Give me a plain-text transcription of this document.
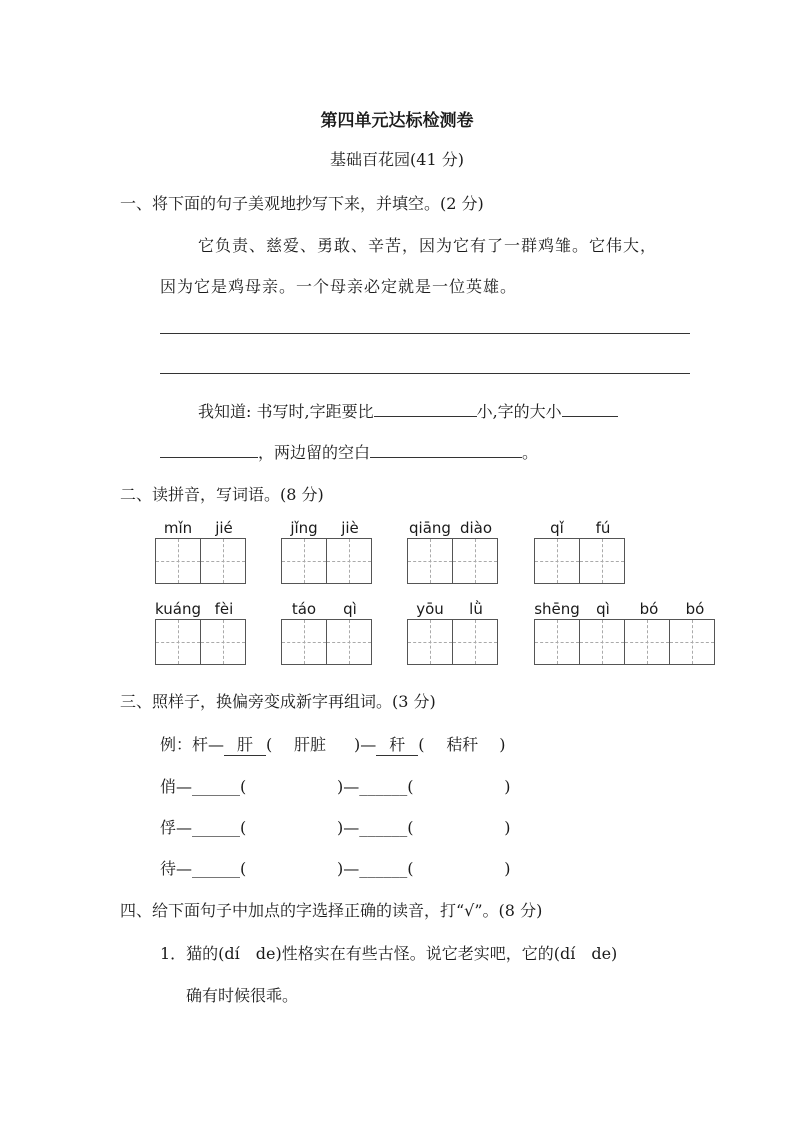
第四单元达标检测卷
基础百花园(41 分)
一、将下面的句子美观地抄写下来，并填空。(2 分)
它负责、慈爱、勇敢、辛苦，因为它有了一群鸡雏。它伟大，
因为它是鸡母亲。一个母亲必定就是一位英雄。
我知道: 书写时,字距要比	小,字的大小
，两边留的空白	。
二、读拼音，写词语。(8 分)
mǐn	jié	jǐng	jiè	qiāng diào	qǐ	fú
kuáng fèi	táo	qì	yōu	lǜ	shēng	qì	bó	bó
三、照样子，换偏旁变成新字再组词。(3 分)
例：杆— 肝 ( 肝脏 )— 秆 ( 秸秆 )
俏—______(	)—______(	)
俘—______(	)—______(	)
待—______(	)—______(	)
四、给下面句子中加点的字选择正确的读音，打“√”。(8 分)
1．猫的(dí　de)性格实在有些古怪。说它老实吧，它的(dí　de)
确有时候很乖。
